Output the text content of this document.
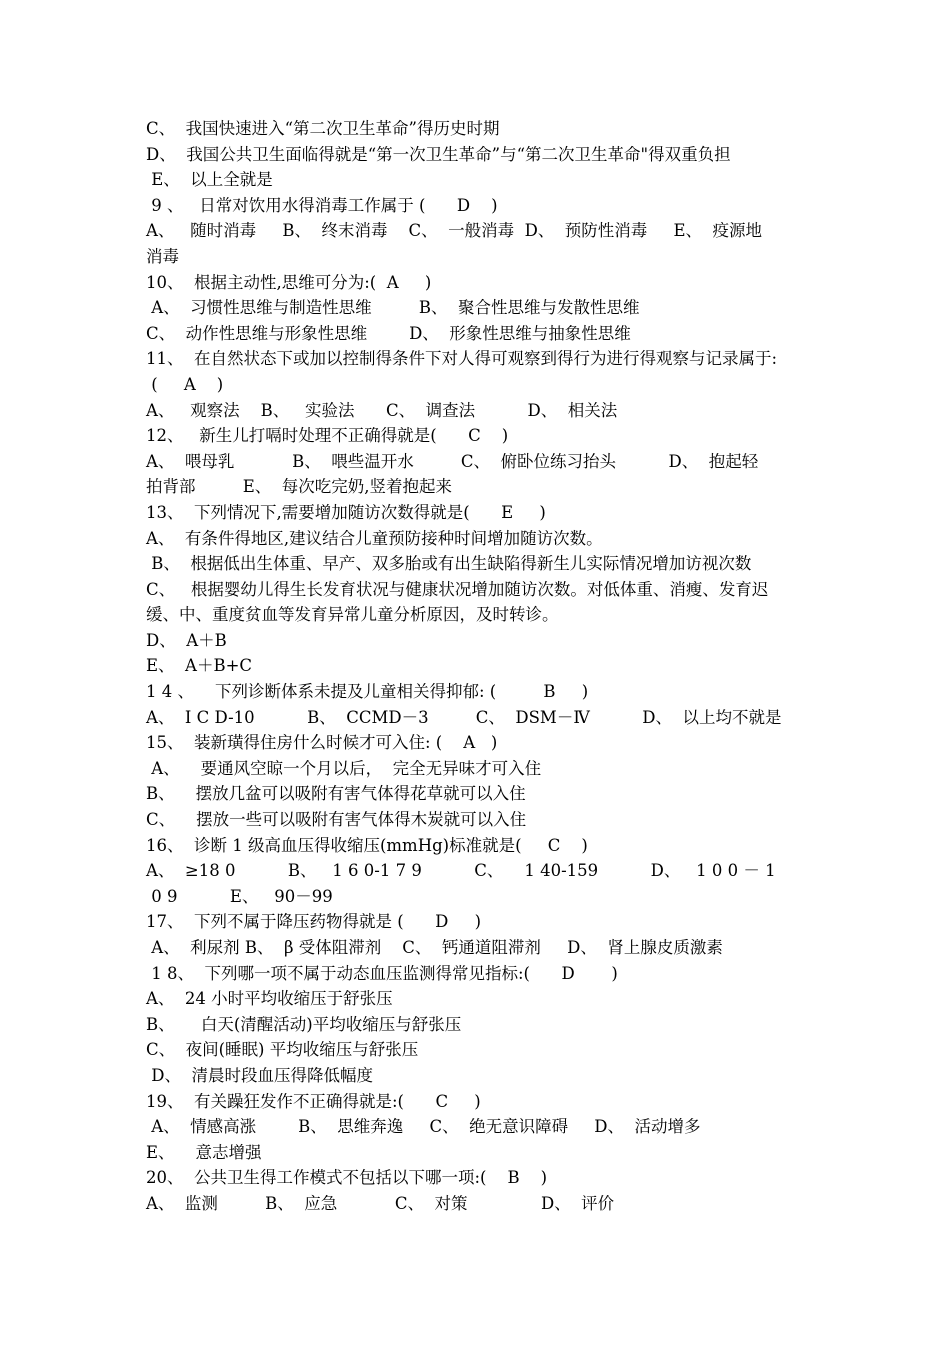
C、  我国快速进入“第二次卫生革命”得历史时期
D、  我国公共卫生面临得就是“第一次卫生革命”与“第二次卫生革命"得双重负担
E、  以上全就是
9 、   日常对饮用水得消毒工作属于 (      D    )
A、   随时消毒     B、  终末消毒    C、  一般消毒  D、  预防性消毒     E、  疫源地
消毒
10、  根据主动性,思维可分为:(  A     )
A、  习惯性思维与制造性思维         B、  聚合性思维与发散性思维
C、  动作性思维与形象性思维        D、  形象性思维与抽象性思维
11、  在自然状态下或加以控制得条件下对人得可观察到得行为进行得观察与记录属于:
(     A    )
A、   观察法    B、   实验法      C、  调查法          D、  相关法
12、   新生儿打嗝时处理不正确得就是(      C    )
A、  喂母乳           B、  喂些温开水         C、  俯卧位练习抬头          D、  抱起轻
拍背部         E、  每次吃完奶,竖着抱起来
13、  下列情况下,需要增加随访次数得就是(      E     )
A、  有条件得地区,建议结合儿童预防接种时间增加随访次数。
B、  根据低出生体重、早产、双多胎或有出生缺陷得新生儿实际情况增加访视次数
C、   根据婴幼儿得生长发育状况与健康状况增加随访次数。对低体重、消瘦、发育迟
缓、中、重度贫血等发育异常儿童分析原因，及时转诊。
D、  A＋B
E、  A＋B+C
1 4 、    下列诊断体系未提及儿童相关得抑郁: (         B     )
A、  I C D-10          B、  CCMD－3         C、  DSM－Ⅳ          D、  以上均不就是
15、  装新璜得住房什么时候才可入住: (    A   )
A、    要通风空晾一个月以后，  完全无异味才可入住
B、    摆放几盆可以吸附有害气体得花草就可以入住
C、    摆放一些可以吸附有害气体得木炭就可以入住
16、  诊断 1 级高血压得收缩压(mmHg)标准就是(     C    )
A、  ≥18 0          B、   1 6 0-1 7 9          C、    1 40-159          D、   1 0 0 － 1
0 9          E、   90－99
17、  下列不属于降压药物得就是 (      D     )
A、  利尿剂 B、  β 受体阻滞剂    C、  钙通道阻滞剂     D、  肾上腺皮质激素
1 8、  下列哪一项不属于动态血压监测得常见指标:(      D       )
A、  24 小时平均收缩压于舒张压
B、     白天(清醒活动)平均收缩压与舒张压
C、  夜间(睡眠) 平均收缩压与舒张压
D、  清晨时段血压得降低幅度
19、  有关躁狂发作不正确得就是:(      C     )
A、  情感高涨        B、  思维奔逸     C、  绝无意识障碍     D、  活动增多
E、    意志增强
20、  公共卫生得工作模式不包括以下哪一项:(    B    )
A、  监测         B、  应急           C、  对策              D、  评价
